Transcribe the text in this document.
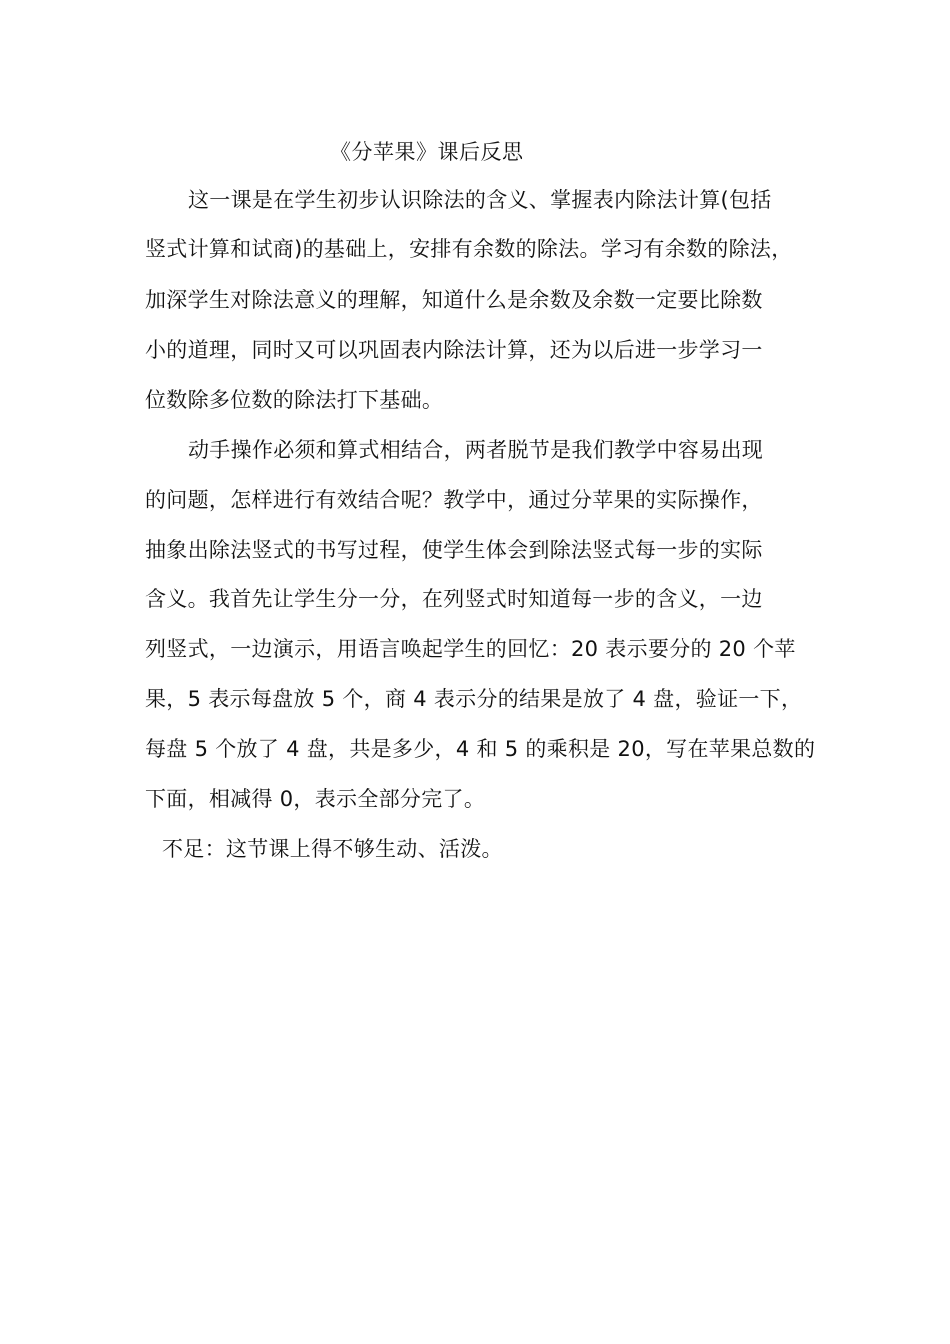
《分苹果》课后反思
这一课是在学生初步认识除法的含义、掌握表内除法计算(包括
竖式计算和试商)的基础上，安排有余数的除法。学习有余数的除法，
加深学生对除法意义的理解，知道什么是余数及余数一定要比除数
小的道理，同时又可以巩固表内除法计算，还为以后进一步学习一
位数除多位数的除法打下基础。
动手操作必须和算式相结合，两者脱节是我们教学中容易出现
的问题，怎样进行有效结合呢？教学中，通过分苹果的实际操作，
抽象出除法竖式的书写过程，使学生体会到除法竖式每一步的实际
含义。我首先让学生分一分，在列竖式时知道每一步的含义，一边
列竖式，一边演示，用语言唤起学生的回忆：20 表示要分的 20 个苹
果，5 表示每盘放 5 个，商 4 表示分的结果是放了 4 盘，验证一下，
每盘 5 个放了 4 盘，共是多少，4 和 5 的乘积是 20，写在苹果总数的
下面，相减得 0，表示全部分完了。
不足：这节课上得不够生动、活泼。
